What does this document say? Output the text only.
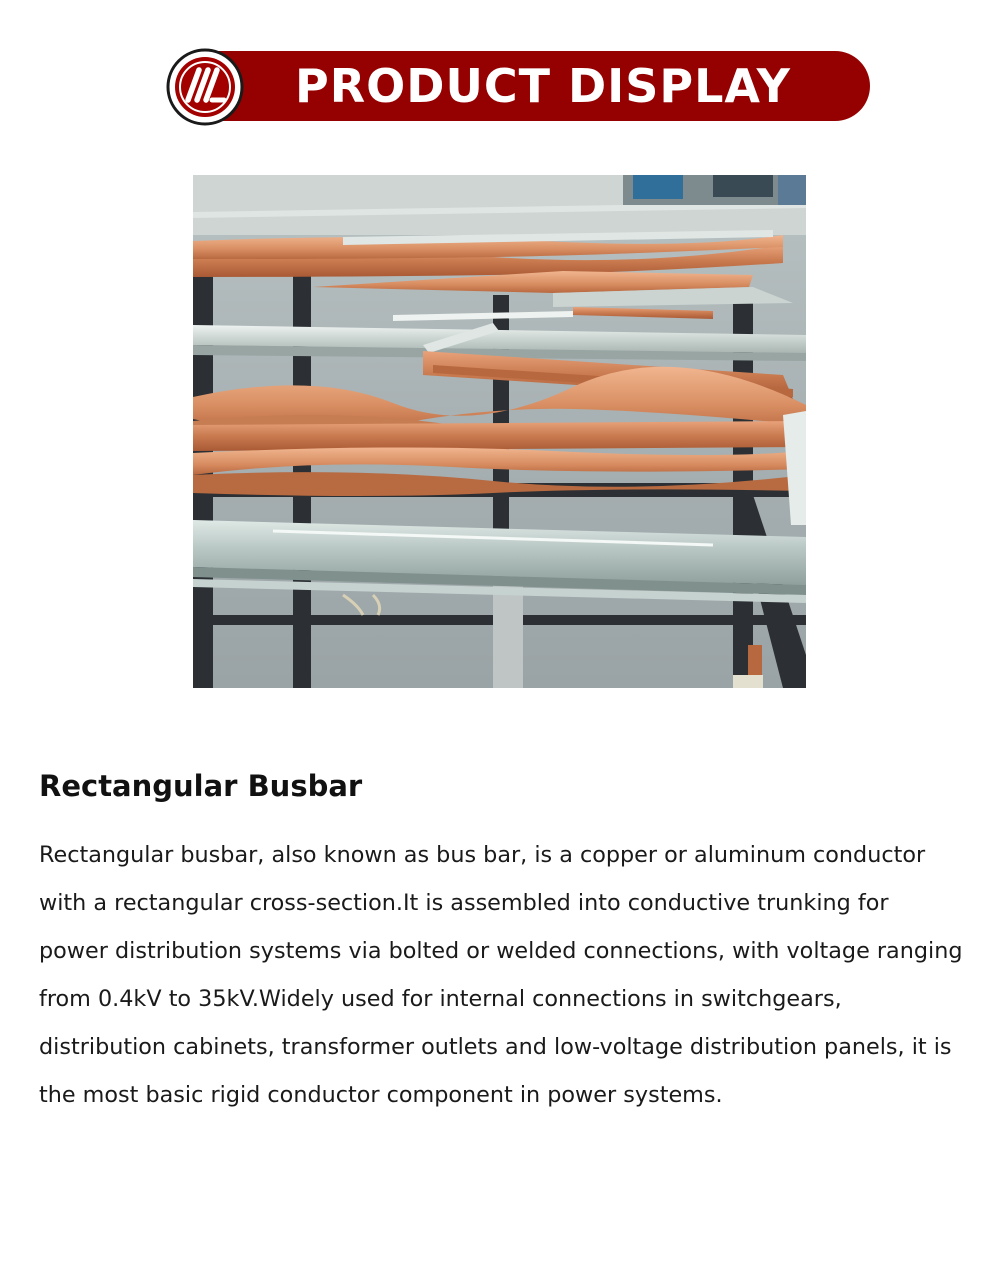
PRODUCT DISPLAY
Rectangular Busbar

Rectangular busbar, also known as bus bar, is a copper or aluminum conductor with a rectangular cross-section.It is assembled into conductive trunking for power distribution systems via bolted or welded connections, with voltage ranging from 0.4kV to 35kV.Widely used for internal connections in switchgears, distribution cabinets, transformer outlets and low-voltage distribution panels, it is the most basic rigid conductor component in power systems.
